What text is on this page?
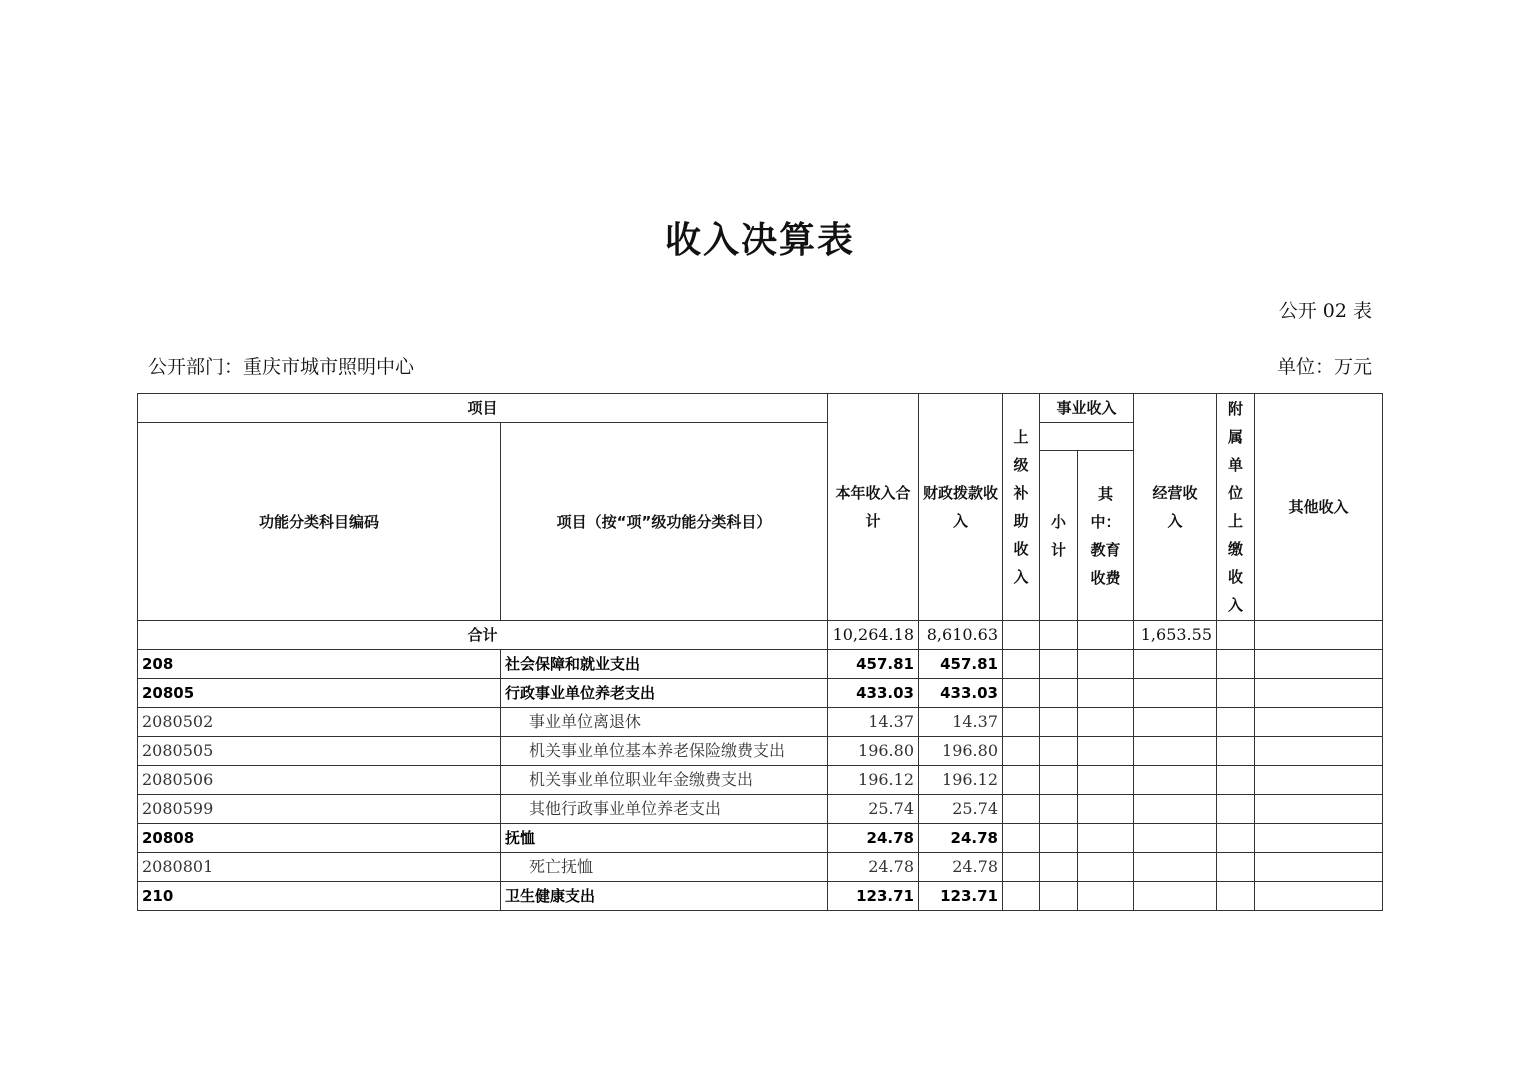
收入决算表
公开 02 表
公开部门：重庆市城市照明中心	单位：万元
项目		本年收入合计	财政拨款收入	上级补助收入	事业收入		经营收入	附属单位上缴收入	其他收入
功能分类科目编码	项目（按“项”级功能分类科目）								
					小计	其中：教育收费			
合计		10,264.18	8,610.63				1,653.55		
208	社会保障和就业支出	457.81	457.81						
20805	行政事业单位养老支出	433.03	433.03						
2080502	事业单位离退休	14.37	14.37						
2080505	机关事业单位基本养老保险缴费支出	196.80	196.80						
2080506	机关事业单位职业年金缴费支出	196.12	196.12						
2080599	其他行政事业单位养老支出	25.74	25.74						
20808	抚恤	24.78	24.78						
2080801	死亡抚恤	24.78	24.78						
210	卫生健康支出	123.71	123.71						
